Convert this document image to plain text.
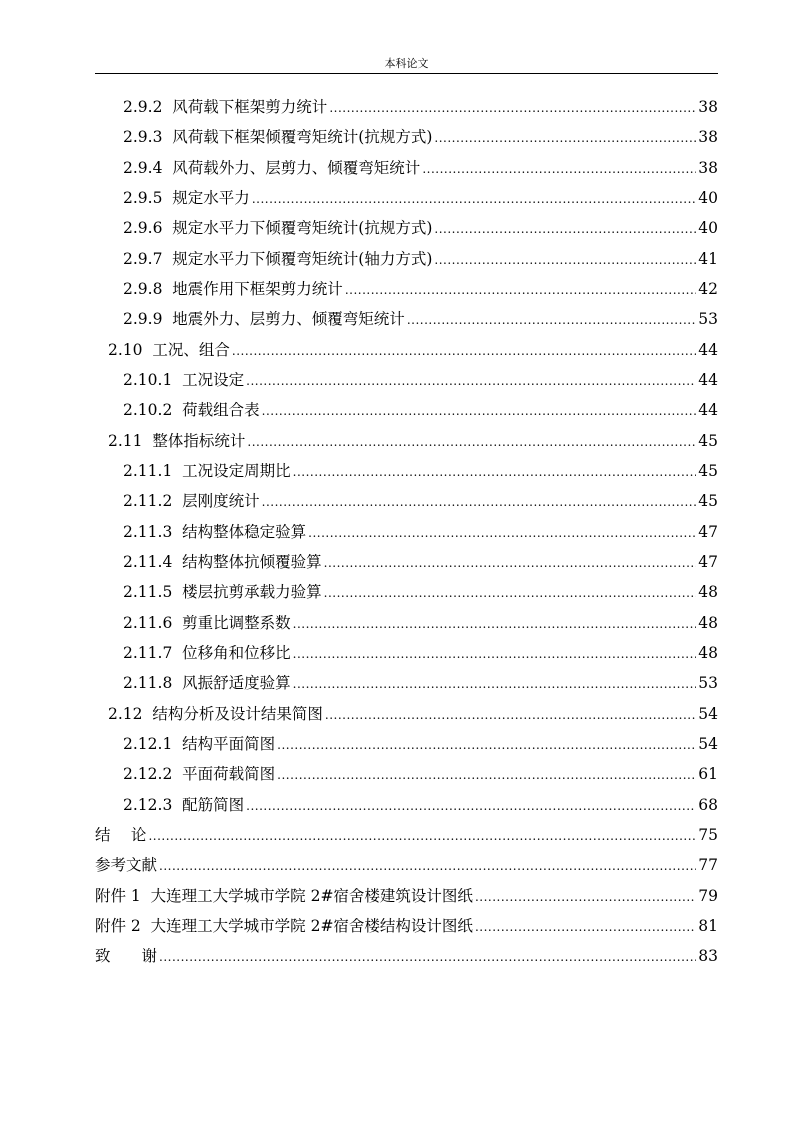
本科论文
2.9.2 风荷载下框架剪力统计 .....	38
2.9.3 风荷载下框架倾覆弯矩统计(抗规方式) .....	38
2.9.4 风荷载外力、层剪力、倾覆弯矩统计 .....	38
2.9.5 规定水平力 .....	40
2.9.6 规定水平力下倾覆弯矩统计(抗规方式) .....	40
2.9.7 规定水平力下倾覆弯矩统计(轴力方式) .....	41
2.9.8 地震作用下框架剪力统计 .....	42
2.9.9 地震外力、层剪力、倾覆弯矩统计 .....	53
2.10 工况、组合 .....	44
2.10.1 工况设定 .....	44
2.10.2 荷载组合表 .....	44
2.11 整体指标统计 .....	45
2.11.1 工况设定周期比 .....	45
2.11.2 层刚度统计 .....	45
2.11.3 结构整体稳定验算 .....	47
2.11.4 结构整体抗倾覆验算 .....	47
2.11.5 楼层抗剪承载力验算 .....	48
2.11.6 剪重比调整系数 .....	48
2.11.7 位移角和位移比 .....	48
2.11.8 风振舒适度验算 .....	53
2.12 结构分析及设计结果简图 .....	54
2.12.1 结构平面简图 .....	54
2.12.2 平面荷载简图 .....	61
2.12.3 配筋简图 .....	68
结　 论 .....	75
参考文献 .....	77
附件 1 大连理工大学城市学院 2#宿舍楼建筑设计图纸 .....	79
附件 2 大连理工大学城市学院 2#宿舍楼结构设计图纸 .....	81
致　　谢 .....	83
